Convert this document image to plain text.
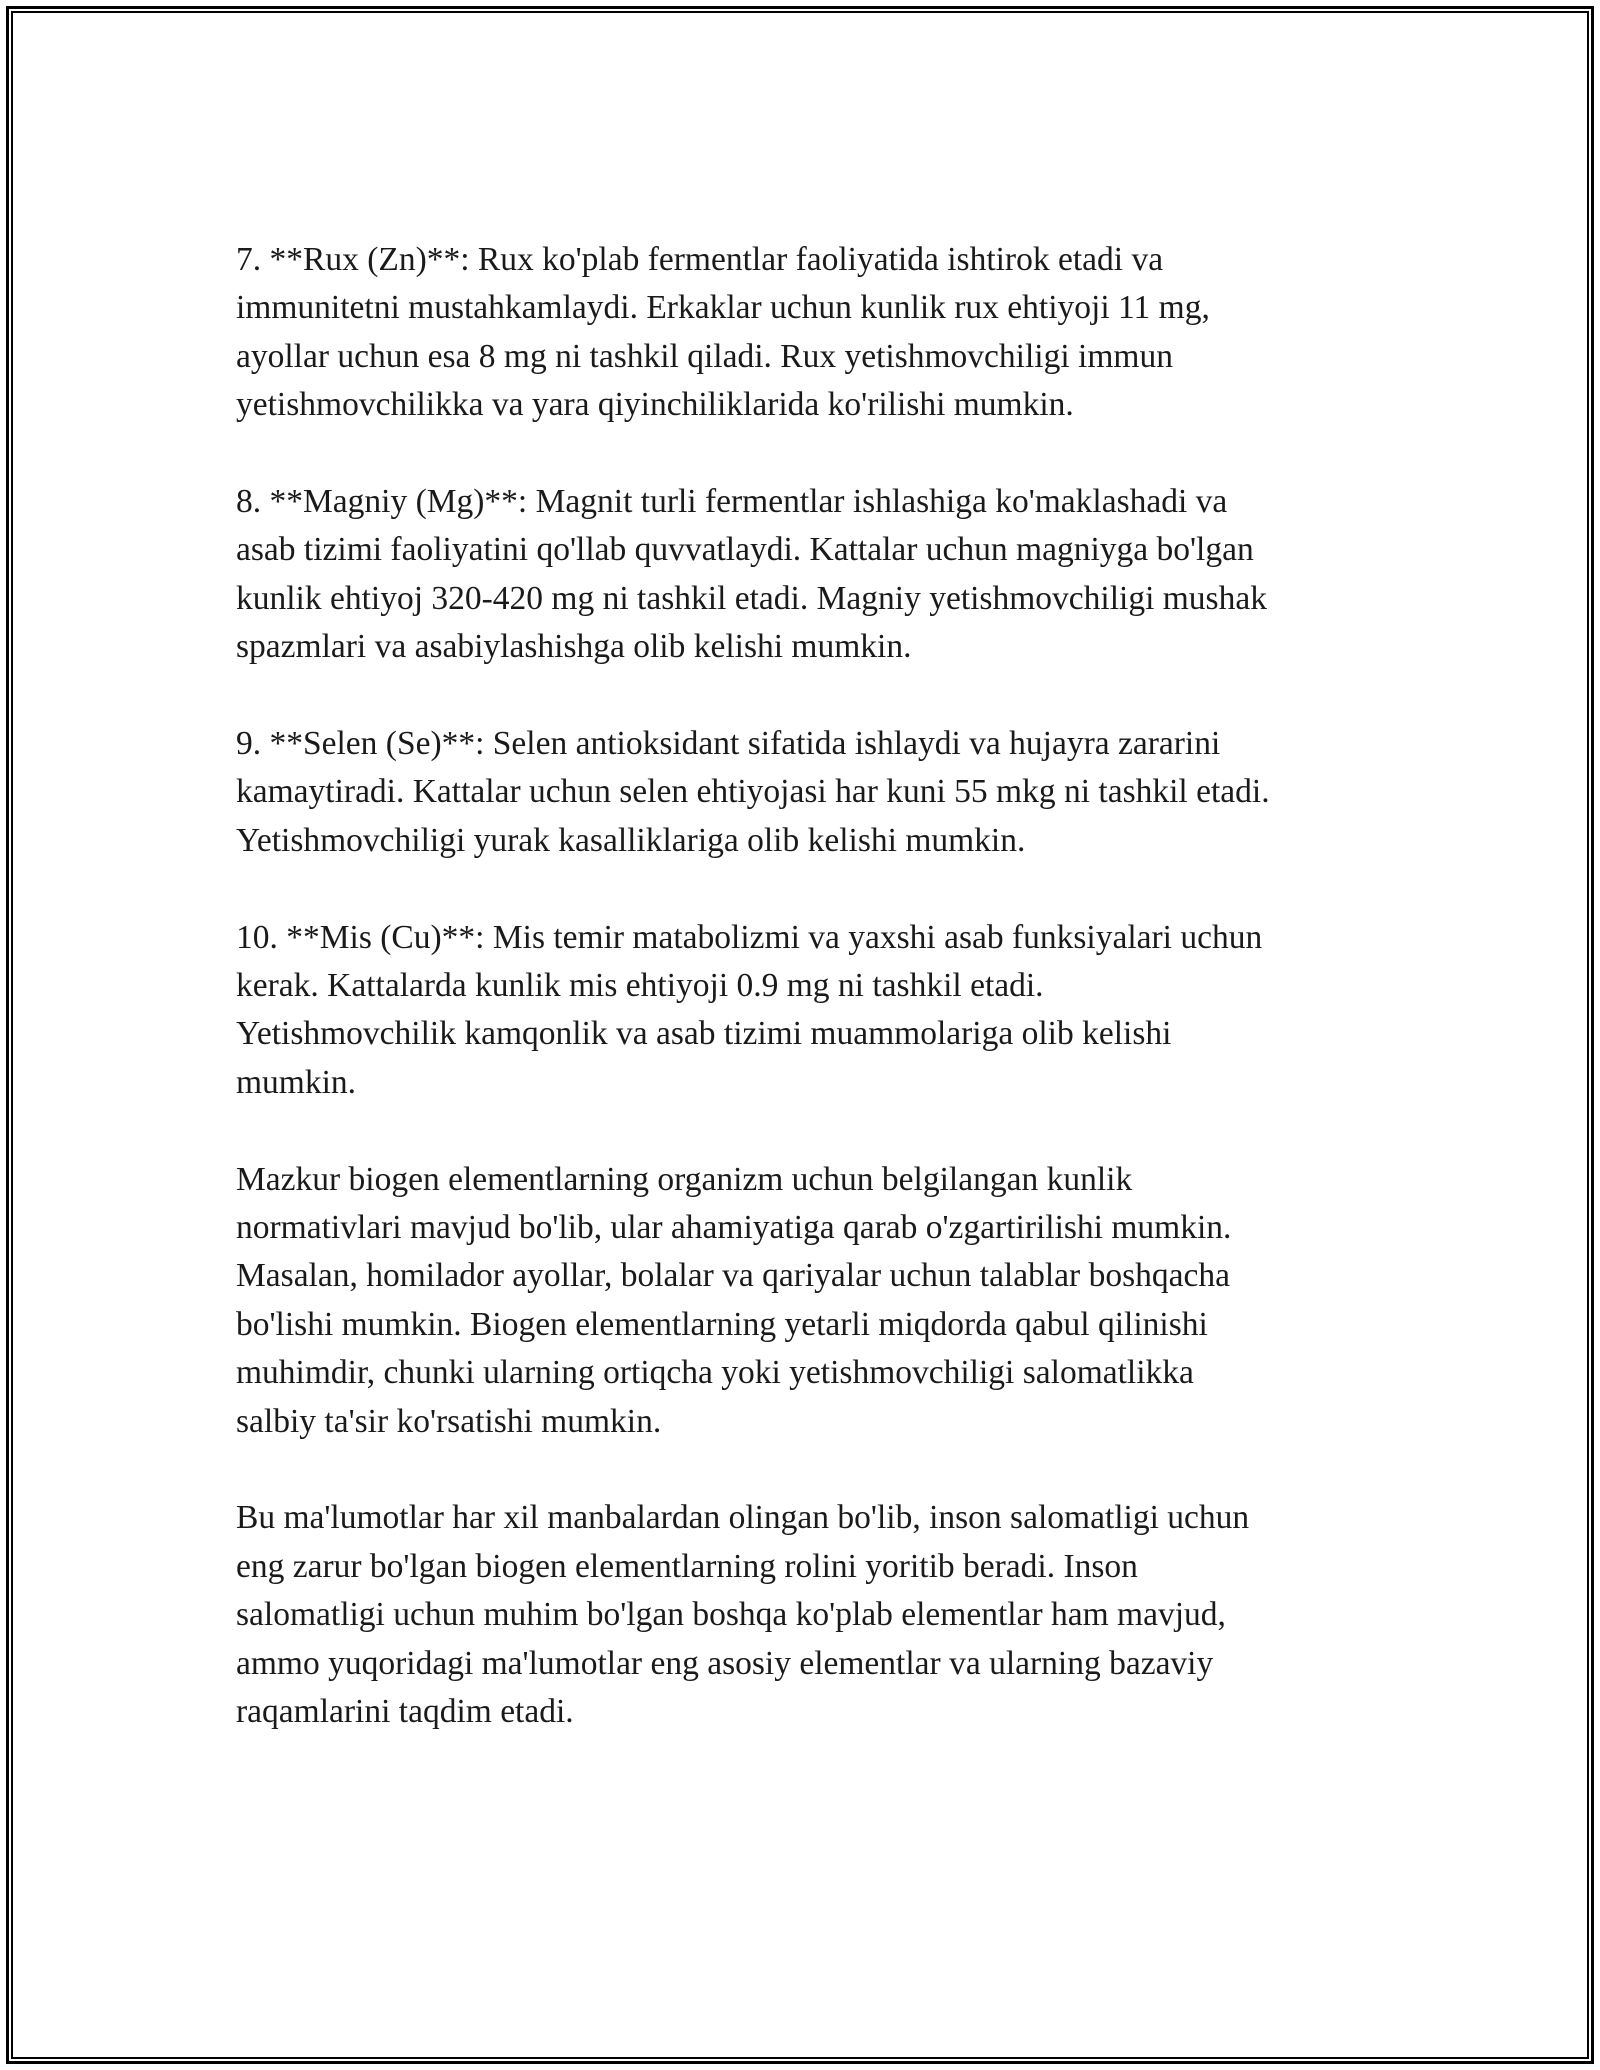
7. **Rux (Zn)**: Rux ko'plab fermentlar faoliyatida ishtirok etadi va
immunitetni mustahkamlaydi. Erkaklar uchun kunlik rux ehtiyoji 11 mg,
ayollar uchun esa 8 mg ni tashkil qiladi. Rux yetishmovchiligi immun
yetishmovchilikka va yara qiyinchiliklarida ko'rilishi mumkin.

8. **Magniy (Mg)**: Magnit turli fermentlar ishlashiga ko'maklashadi va
asab tizimi faoliyatini qo'llab quvvatlaydi. Kattalar uchun magniyga bo'lgan
kunlik ehtiyoj 320-420 mg ni tashkil etadi. Magniy yetishmovchiligi mushak
spazmlari va asabiylashishga olib kelishi mumkin.

9. **Selen (Se)**: Selen antioksidant sifatida ishlaydi va hujayra zararini
kamaytiradi. Kattalar uchun selen ehtiyojasi har kuni 55 mkg ni tashkil etadi.
Yetishmovchiligi yurak kasalliklariga olib kelishi mumkin.

10. **Mis (Cu)**: Mis temir matabolizmi va yaxshi asab funksiyalari uchun
kerak. Kattalarda kunlik mis ehtiyoji 0.9 mg ni tashkil etadi.
Yetishmovchilik kamqonlik va asab tizimi muammolariga olib kelishi
mumkin.

Mazkur biogen elementlarning organizm uchun belgilangan kunlik
normativlari mavjud bo'lib, ular ahamiyatiga qarab o'zgartirilishi mumkin.
Masalan, homilador ayollar, bolalar va qariyalar uchun talablar boshqacha
bo'lishi mumkin. Biogen elementlarning yetarli miqdorda qabul qilinishi
muhimdir, chunki ularning ortiqcha yoki yetishmovchiligi salomatlikka
salbiy ta'sir ko'rsatishi mumkin.

Bu ma'lumotlar har xil manbalardan olingan bo'lib, inson salomatligi uchun
eng zarur bo'lgan biogen elementlarning rolini yoritib beradi. Inson
salomatligi uchun muhim bo'lgan boshqa ko'plab elementlar ham mavjud,
ammo yuqoridagi ma'lumotlar eng asosiy elementlar va ularning bazaviy
raqamlarini taqdim etadi.
